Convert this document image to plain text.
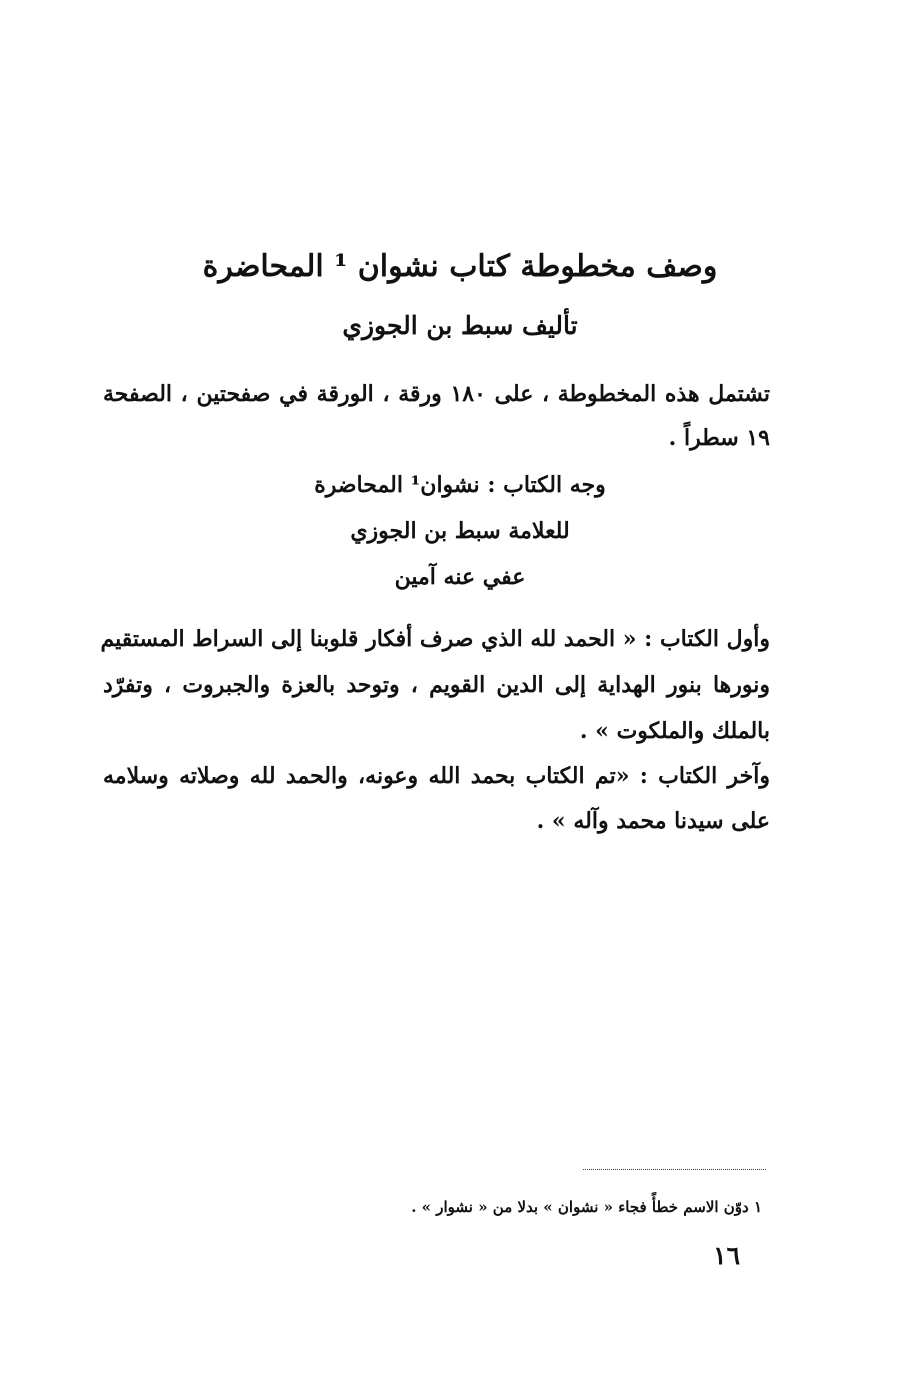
وصف مخطوطة كتاب نشوان ¹ المحاضرة
تأليف سبط بن الجوزي
تشتمل هذه المخطوطة ، على ١٨٠ ورقة ، الورقة في صفحتين ، الصفحة
١٩ سطراً .
وجه الكتاب : نشوان¹ المحاضرة
للعلامة سبط بن الجوزي
عفي عنه آمين
وأول الكتاب : « الحمد لله الذي صرف أفكار قلوبنا إلى السراط المستقيم
ونورها بنور الهداية إلى الدين القويم ، وتوحد بالعزة والجبروت ، وتفرّد
بالملك والملكوت » .
وآخر الكتاب : «تم الكتاب بحمد الله وعونه، والحمد لله وصلاته وسلامه
على سيدنا محمد وآله » .
١ دوّن الاسم خطأً فجاء « نشوان » بدلا من « نشوار » .
١٦
